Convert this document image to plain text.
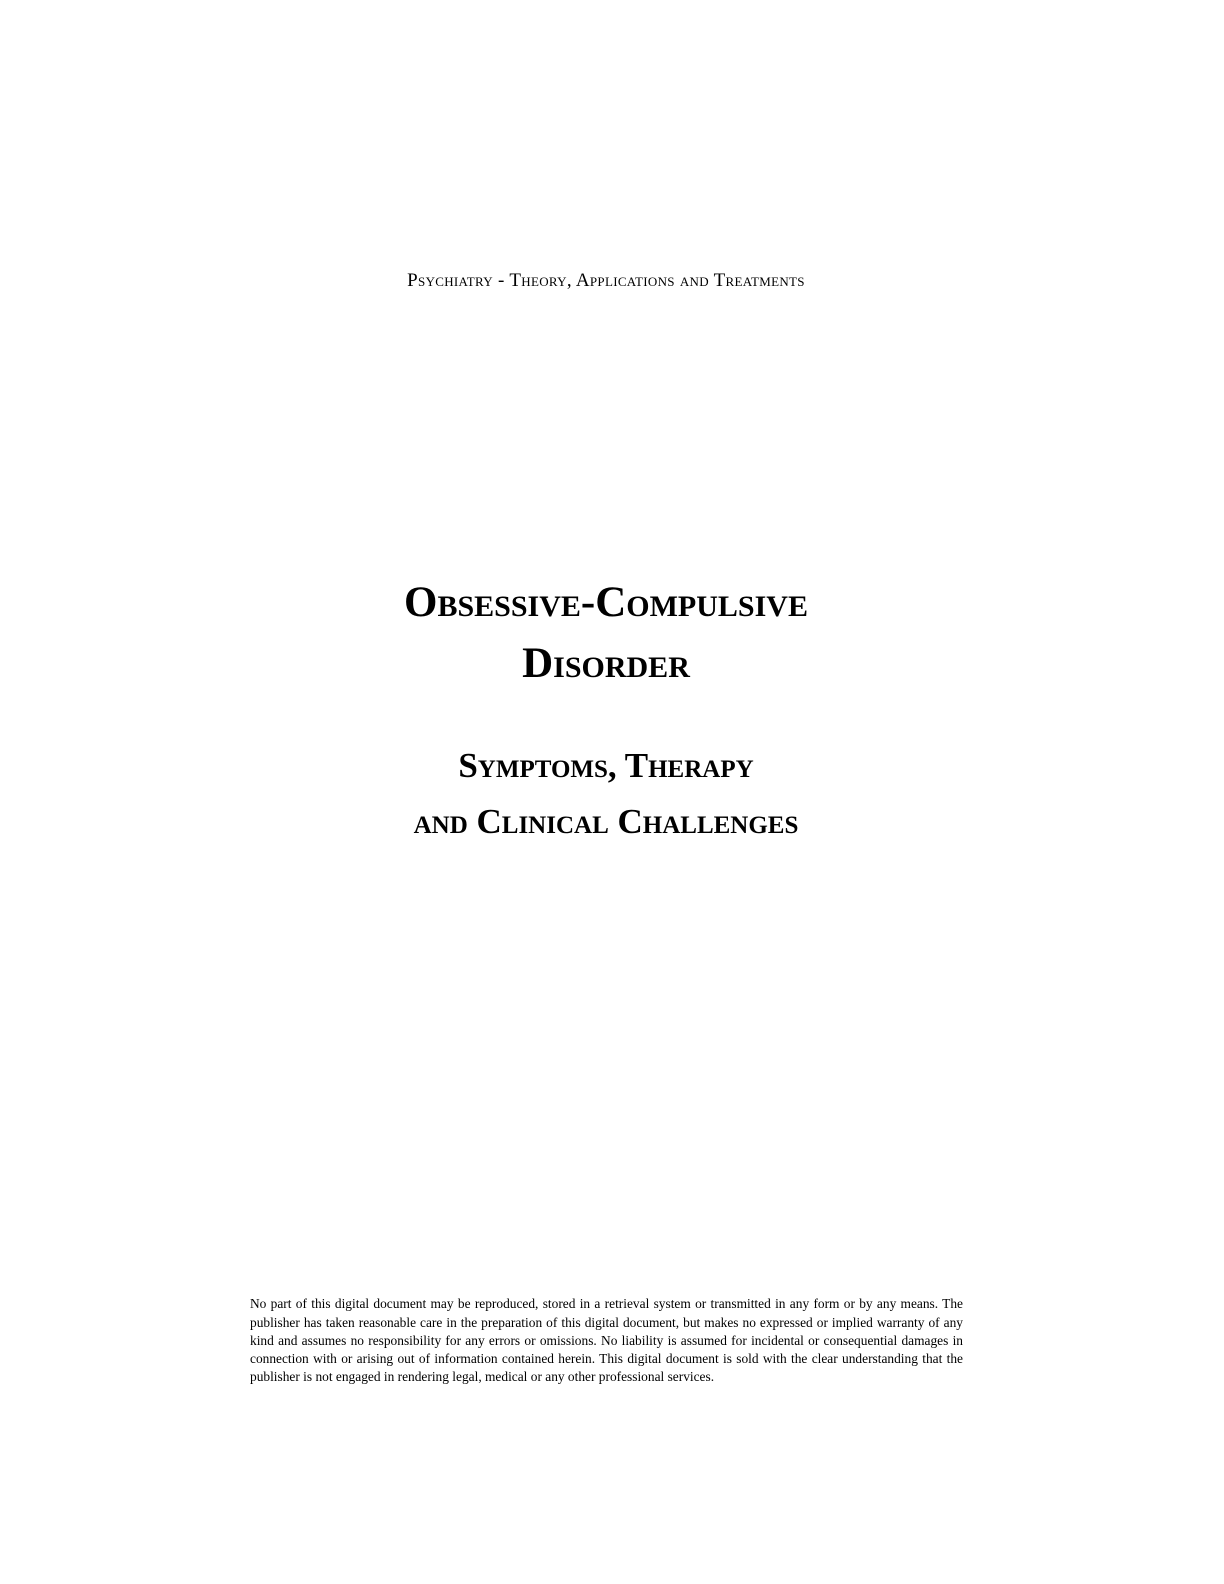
Psychiatry - Theory, Applications and Treatments
Obsessive-Compulsive
Disorder
Symptoms, Therapy
and Clinical Challenges

No part of this digital document may be reproduced, stored in a retrieval system or transmitted in any form or by any means. The publisher has taken reasonable care in the preparation of this digital document, but makes no expressed or implied warranty of any kind and assumes no responsibility for any errors or omissions. No liability is assumed for incidental or consequential damages in connection with or arising out of information contained herein. This digital document is sold with the clear understanding that the publisher is not engaged in rendering legal, medical or any other professional services.
